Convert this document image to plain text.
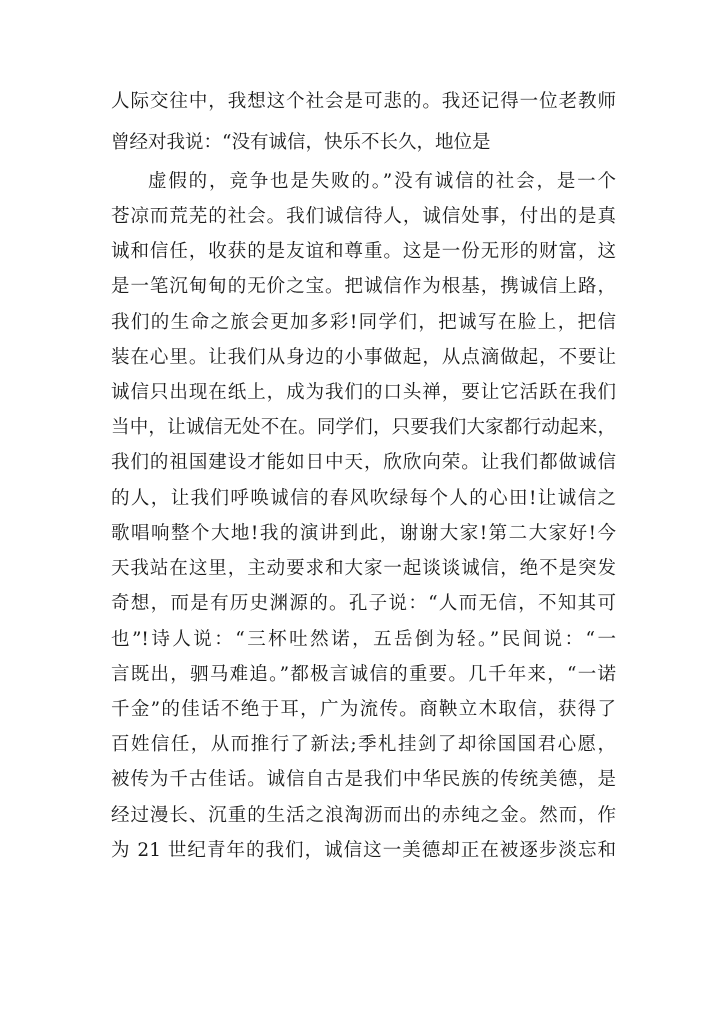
人际交往中，我想这个社会是可悲的。我还记得一位老教师

曾经对我说：“没有诚信，快乐不长久，地位是

虚假的，竞争也是失败的。”没有诚信的社会，是一个

苍凉而荒芜的社会。我们诚信待人，诚信处事，付出的是真

诚和信任，收获的是友谊和尊重。这是一份无形的财富，这

是一笔沉甸甸的无价之宝。把诚信作为根基，携诚信上路，

我们的生命之旅会更加多彩!同学们，把诚写在脸上，把信

装在心里。让我们从身边的小事做起，从点滴做起，不要让

诚信只出现在纸上，成为我们的口头禅，要让它活跃在我们

当中，让诚信无处不在。同学们，只要我们大家都行动起来，

我们的祖国建设才能如日中天，欣欣向荣。让我们都做诚信

的人，让我们呼唤诚信的春风吹绿每个人的心田!让诚信之

歌唱响整个大地!我的演讲到此，谢谢大家!第二大家好!今

天我站在这里，主动要求和大家一起谈谈诚信，绝不是突发

奇想，而是有历史渊源的。孔子说：“人而无信，不知其可

也”!诗人说：“三杯吐然诺，五岳倒为轻。”民间说：“一

言既出，驷马难追。”都极言诚信的重要。几千年来，“一诺

千金”的佳话不绝于耳，广为流传。商鞅立木取信，获得了

百姓信任，从而推行了新法;季札挂剑了却徐国国君心愿，

被传为千古佳话。诚信自古是我们中华民族的传统美德，是

经过漫长、沉重的生活之浪淘沥而出的赤纯之金。然而，作

为 21 世纪青年的我们，诚信这一美德却正在被逐步淡忘和
